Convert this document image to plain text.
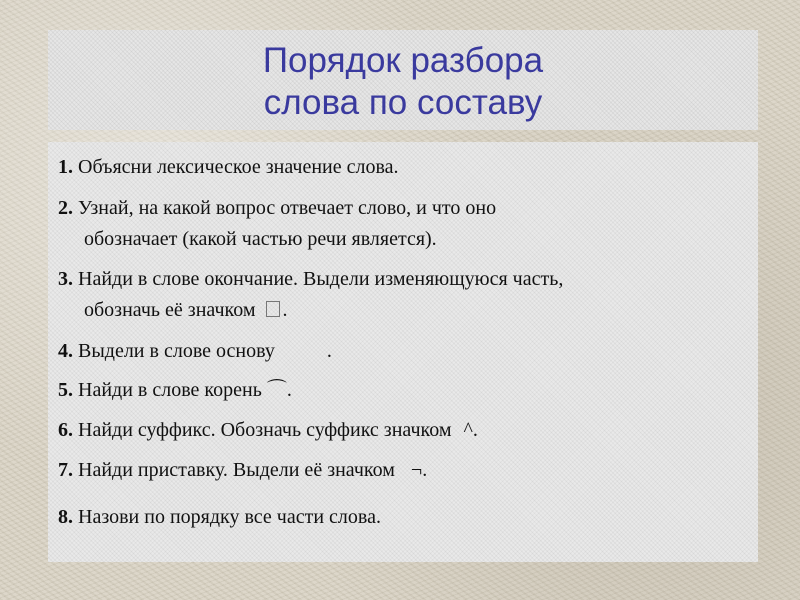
Порядок разбора
слова по составу
1. Объясни лексическое значение слова.
2. Узнай, на какой вопрос отвечает слово, и что оно
обозначает (какой частью речи является).
3. Найди в слове окончание. Выдели изменяющуюся часть,
обозначь её значком .
4. Выдели в слове основу	.
5. Найди в слове корень ⌒.
6. Найди суффикс. Обозначь суффикс значком ^.
7. Найди приставку. Выдели её значком ¬.
8. Назови по порядку все части слова.
